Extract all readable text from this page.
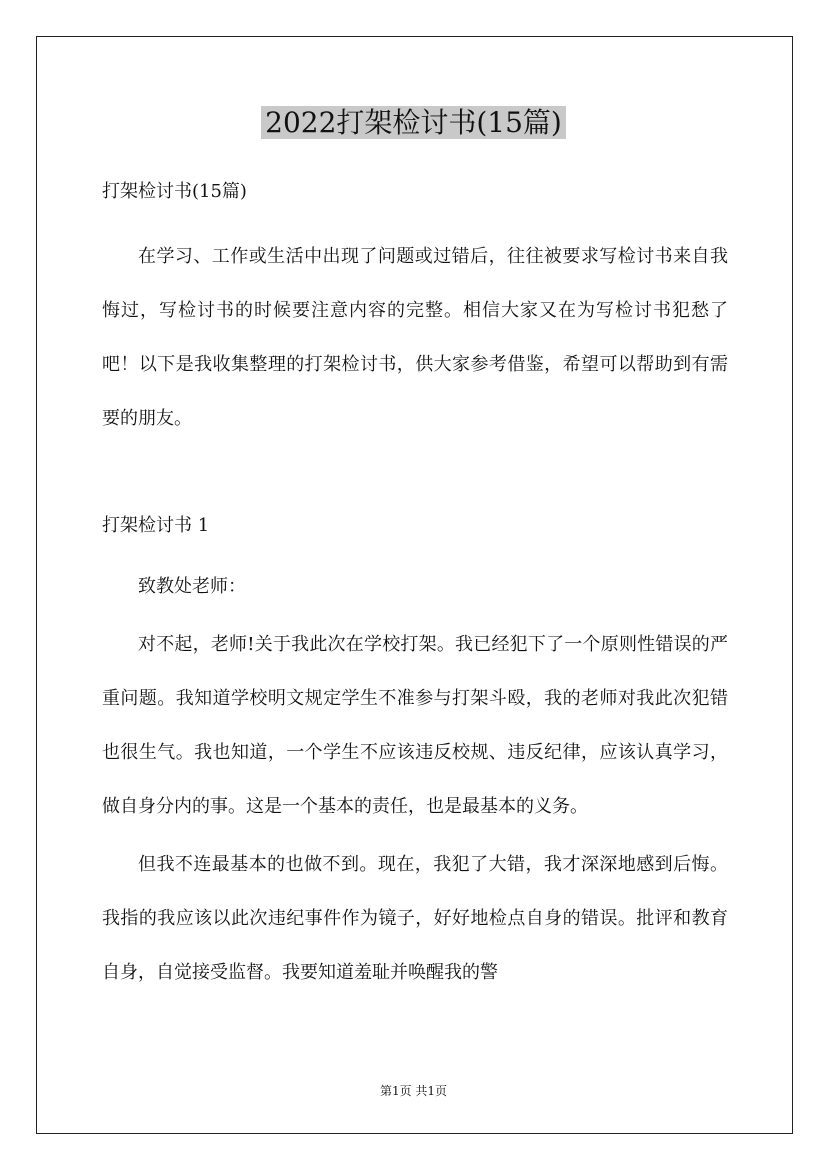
2022打架检讨书(15篇)

打架检讨书(15篇)

在学习、工作或生活中出现了问题或过错后，往往被要求写检讨书来自我悔过，写检讨书的时候要注意内容的完整。相信大家又在为写检讨书犯愁了吧！以下是我收集整理的打架检讨书，供大家参考借鉴，希望可以帮助到有需要的朋友。

打架检讨书 1

致教处老师：

对不起，老师!关于我此次在学校打架。我已经犯下了一个原则性错误的严重问题。我知道学校明文规定学生不准参与打架斗殴，我的老师对我此次犯错也很生气。我也知道，一个学生不应该违反校规、违反纪律，应该认真学习，做自身分内的事。这是一个基本的责任，也是最基本的义务。

但我不连最基本的也做不到。现在，我犯了大错，我才深深地感到后悔。我指的我应该以此次违纪事件作为镜子，好好地检点自身的错误。批评和教育自身，自觉接受监督。我要知道羞耻并唤醒我的警

第1页 共1页
